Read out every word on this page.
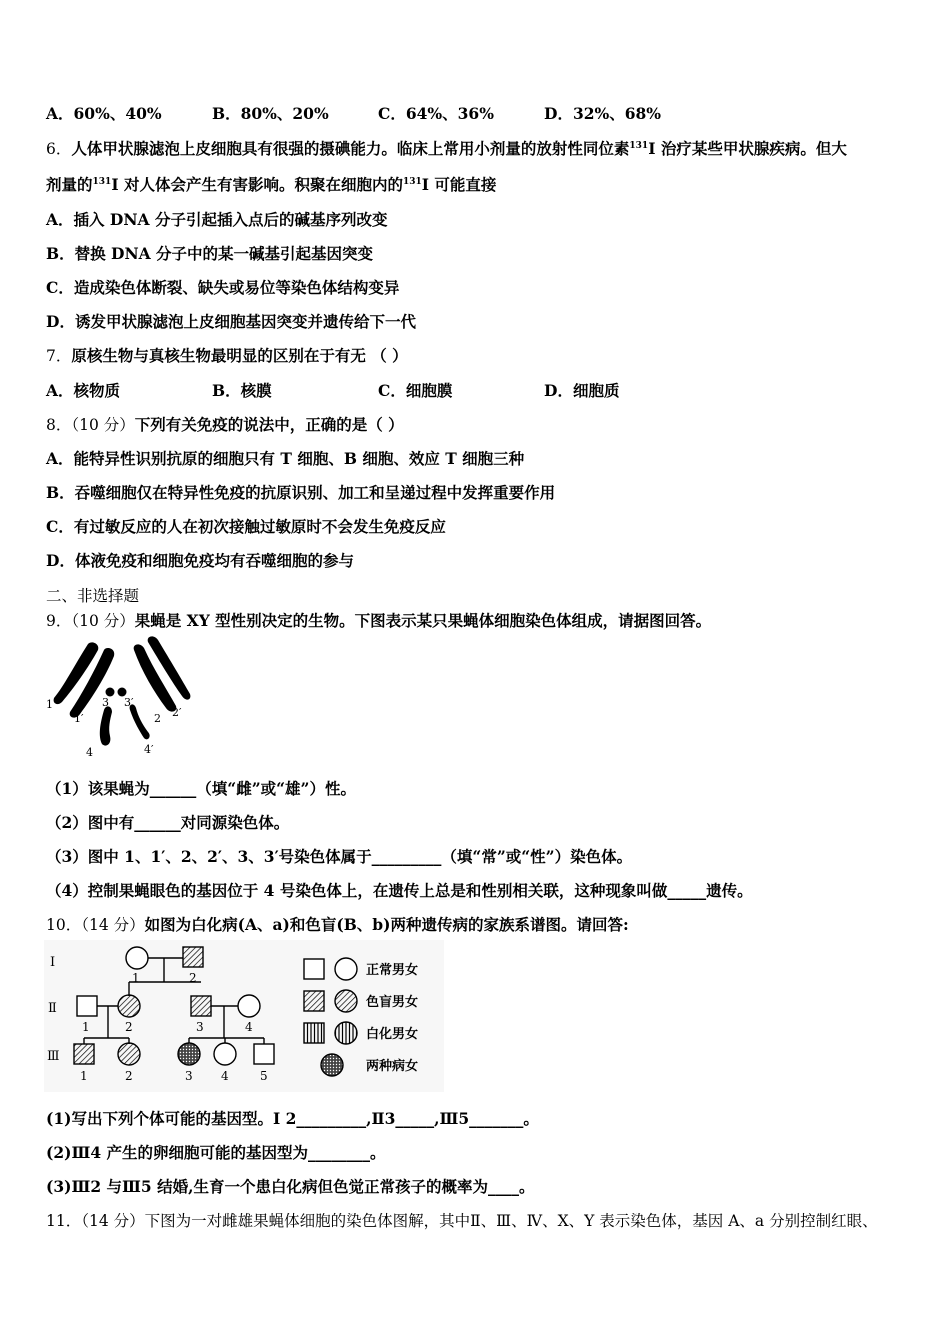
A．60%、40%	B．80%、20%	C．64%、36%	D．32%、68%
6．人体甲状腺滤泡上皮细胞具有很强的摄碘能力。临床上常用小剂量的放射性同位素$^{131}$I 治疗某些甲状腺疾病。但大
剂量的$^{131}$I 对人体会产生有害影响。积聚在细胞内的$^{131}$I 可能直接
A．插入 DNA 分子引起插入点后的碱基序列改变
B．替换 DNA 分子中的某一碱基引起基因突变
C．造成染色体断裂、缺失或易位等染色体结构变异
D．诱发甲状腺滤泡上皮细胞基因突变并遗传给下一代
7．原核生物与真核生物最明显的区别在于有无 （ ）
A．核物质	B．核膜	C．细胞膜	D．细胞质
8．（10 分）下列有关免疫的说法中，正确的是（ ）
A．能特异性识别抗原的细胞只有 T 细胞、B 细胞、效应 T 细胞三种
B．吞噬细胞仅在特异性免疫的抗原识别、加工和呈递过程中发挥重要作用
C．有过敏反应的人在初次接触过敏原时不会发生免疫反应
D．体液免疫和细胞免疫均有吞噬细胞的参与
二、非选择题
9．（10 分）果蝇是 XY 型性别决定的生物。下图表示某只果蝇体细胞染色体组成，请据图回答。
1	3 3′
1′	2 2′
4	4′
（1）该果蝇为______（填“雌”或“雄”）性。
（2）图中有______对同源染色体。
（3）图中 1、1′、2、2′、3、3′号染色体属于_________（填“常”或“性”）染色体。
（4）控制果蝇眼色的基因位于 4 号染色体上，在遗传上总是和性别相关联，这种现象叫做_____遗传。
10．（14 分）如图为白化病(A、a)和色盲(B、b)两种遗传病的家族系谱图。请回答:
Ⅰ
Ⅱ
Ⅲ
1	2
1	2	3	4
1	2	3 4	5
正常男女
色盲男女
白化男女
两种病女
(1)写出下列个体可能的基因型。Ⅰ 2_________,Ⅱ3_____,Ⅲ5_______。
(2)Ⅲ4 产生的卵细胞可能的基因型为________。
(3)Ⅲ2 与Ⅲ5 结婚,生育一个患白化病但色觉正常孩子的概率为____。
11．（14 分）下图为一对雌雄果蝇体细胞的染色体图解，其中Ⅱ、Ⅲ、Ⅳ、X、Y 表示染色体，基因 A、a 分别控制红眼、
